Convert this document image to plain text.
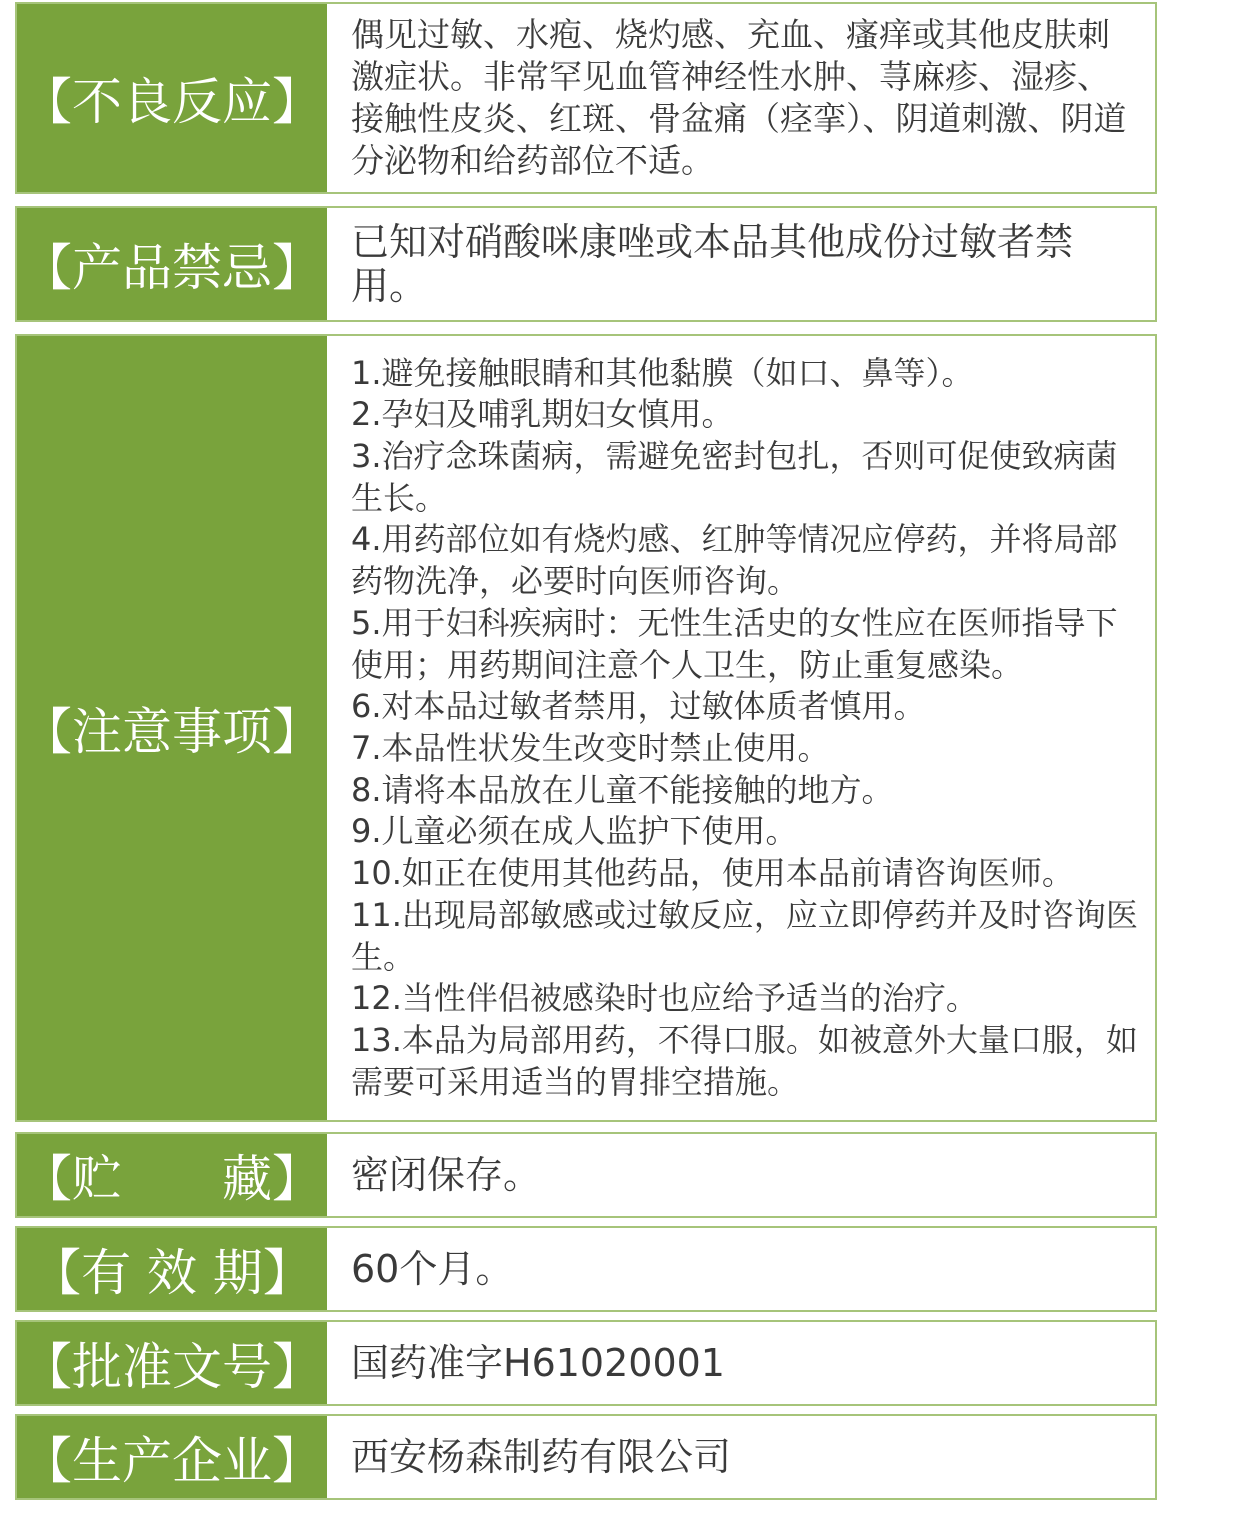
【不良反应】

偶见过敏、水疱、烧灼感、充血、瘙痒或其他皮肤刺激症状。非常罕见血管神经性水肿、荨麻疹、湿疹、接触性皮炎、红斑、骨盆痛（痉挛）、阴道刺激、阴道分泌物和给药部位不适。

【产品禁忌】 已知对硝酸咪康唑或本品其他成份过敏者禁用。

【注意事项】
1.避免接触眼睛和其他黏膜（如口、鼻等）。
2.孕妇及哺乳期妇女慎用。
3.治疗念珠菌病，需避免密封包扎，否则可促使致病菌生长。
4.用药部位如有烧灼感、红肿等情况应停药，并将局部药物洗净，必要时向医师咨询。
5.用于妇科疾病时：无性生活史的女性应在医师指导下使用；用药期间注意个人卫生，防止重复感染。
6.对本品过敏者禁用，过敏体质者慎用。
7.本品性状发生改变时禁止使用。
8.请将本品放在儿童不能接触的地方。
9.儿童必须在成人监护下使用。
10.如正在使用其他药品，使用本品前请咨询医师。
11.出现局部敏感或过敏反应，应立即停药并及时咨询医生。
12.当性伴侣被感染时也应给予适当的治疗。
13.本品为局部用药，不得口服。如被意外大量口服，如需要可采用适当的胃排空措施。
【贮　　藏】 密闭保存。

【有 效 期】	60个月。

【批准文号】 国药准字H61020001

【生产企业】 西安杨森制药有限公司
